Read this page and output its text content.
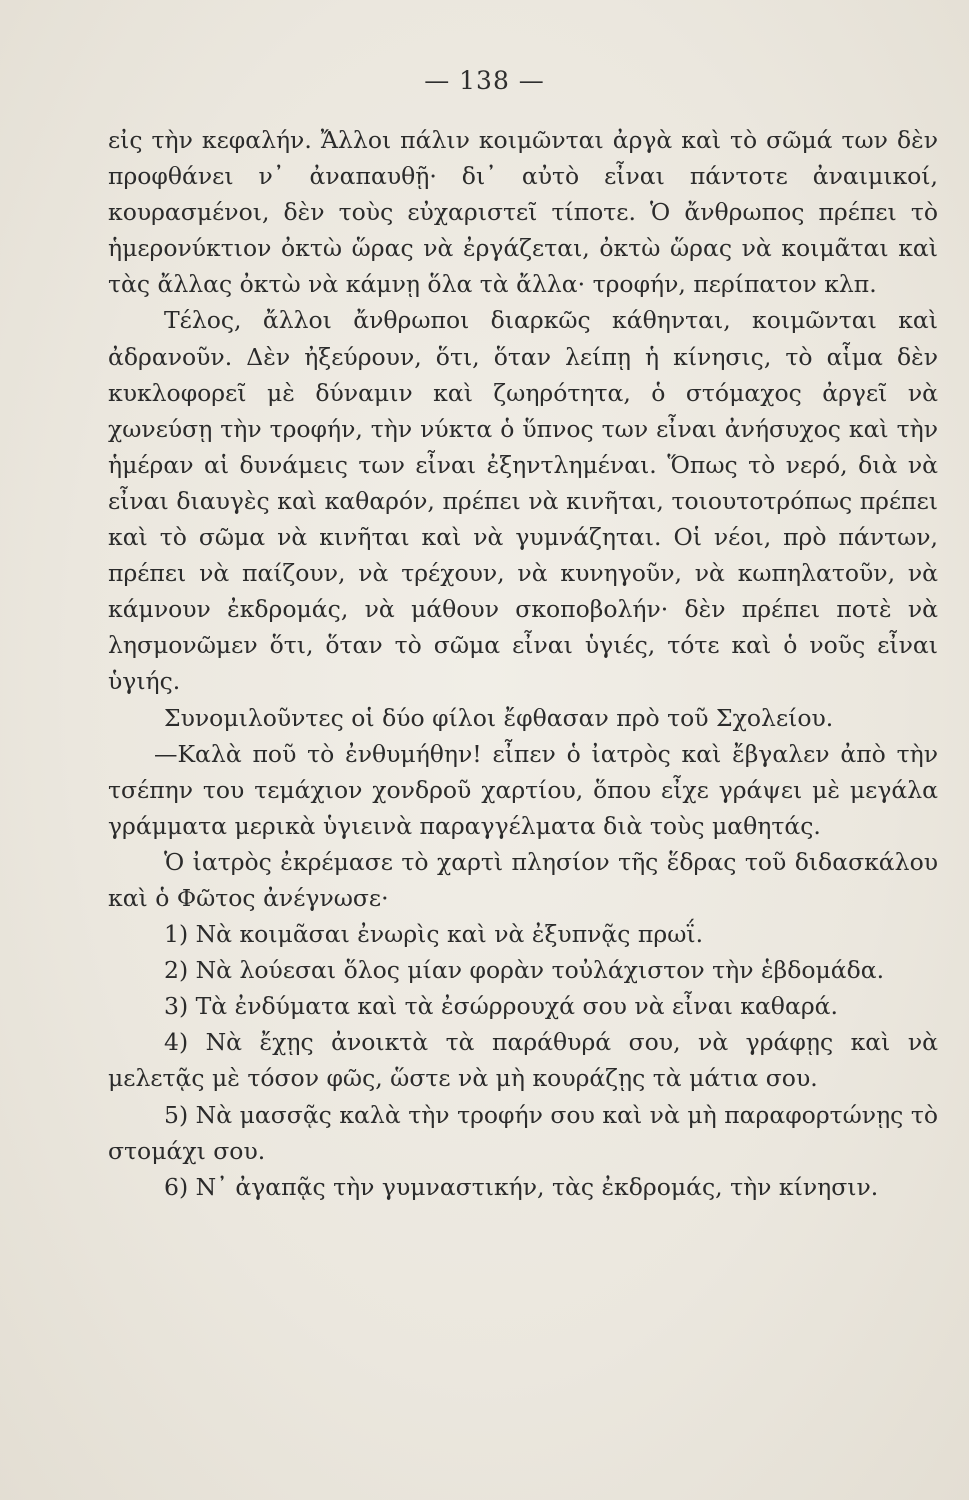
— 138 —

εἰς τὴν κεφαλήν. Ἄλλοι πάλιν κοιμῶνται ἀργὰ καὶ τὸ σῶμά των δὲν προφθάνει ν᾽ ἀναπαυθῇ· δι᾽ αὐτὸ εἶναι πάντοτε ἀναιμικοί, κουρασμένοι, δὲν τοὺς εὐχαριστεῖ τίποτε. Ὁ ἄνθρωπος πρέπει τὸ ἡμερονύκτιον ὀκτὼ ὥρας νὰ ἐργάζεται, ὀκτὼ ὥρας νὰ κοιμᾶται καὶ τὰς ἄλλας ὀκτὼ νὰ κάμνῃ ὅλα τὰ ἄλλα· τροφήν, περίπατον κλπ.

Τέλος, ἄλλοι ἄνθρωποι διαρκῶς κάθηνται, κοιμῶνται καὶ ἀδρανοῦν. Δὲν ἠξεύρουν, ὅτι, ὅταν λείπῃ ἡ κίνησις, τὸ αἷμα δὲν κυκλοφορεῖ μὲ δύναμιν καὶ ζωηρότητα, ὁ στόμαχος ἀργεῖ νὰ χωνεύσῃ τὴν τροφήν, τὴν νύκτα ὁ ὕπνος των εἶναι ἀνήσυχος καὶ τὴν ἡμέραν αἱ δυνάμεις των εἶναι ἐξηντλημέναι. Ὅπως τὸ νερό, διὰ νὰ εἶναι διαυγὲς καὶ καθαρόν, πρέπει νὰ κινῆται, τοιουτοτρόπως πρέπει καὶ τὸ σῶμα νὰ κινῆται καὶ νὰ γυμνάζηται. Οἱ νέοι, πρὸ πάντων, πρέπει νὰ παίζουν, νὰ τρέχουν, νὰ κυνηγοῦν, νὰ κωπηλατοῦν, νὰ κάμνουν ἐκδρομάς, νὰ μάθουν σκοποβολήν· δὲν πρέπει ποτὲ νὰ λησμονῶμεν ὅτι, ὅταν τὸ σῶμα εἶναι ὑγιές, τότε καὶ ὁ νοῦς εἶναι ὑγιής.

Συνομιλοῦντες οἱ δύο φίλοι ἔφθασαν πρὸ τοῦ Σχολείου.

—Καλὰ ποῦ τὸ ἐνθυμήθην! εἶπεν ὁ ἰατρὸς καὶ ἔβγαλεν ἀπὸ τὴν τσέπην του τεμάχιον χονδροῦ χαρτίου, ὅπου εἶχε γράψει μὲ μεγάλα γράμματα μερικὰ ὑγιεινὰ παραγγέλματα διὰ τοὺς μαθητάς.

Ὁ ἰατρὸς ἐκρέμασε τὸ χαρτὶ πλησίον τῆς ἕδρας τοῦ διδασκάλου καὶ ὁ Φῶτος ἀνέγνωσε·

1) Νὰ κοιμᾶσαι ἐνωρὶς καὶ νὰ ἐξυπνᾷς πρωΐ.

2) Νὰ λούεσαι ὅλος μίαν φορὰν τοὐλάχιστον τὴν ἑβδομάδα.

3) Τὰ ἐνδύματα καὶ τὰ ἐσώρρουχά σου νὰ εἶναι καθαρά.

4) Νὰ ἔχῃς ἀνοικτὰ τὰ παράθυρά σου, νὰ γράφῃς καὶ νὰ μελετᾷς μὲ τόσον φῶς, ὥστε νὰ μὴ κουράζῃς τὰ μάτια σου.

5) Νὰ μασσᾷς καλὰ τὴν τροφήν σου καὶ νὰ μὴ παραφορτώνῃς τὸ στομάχι σου.

6) Ν᾽ ἀγαπᾷς τὴν γυμναστικήν, τὰς ἐκδρομάς, τὴν κίνησιν.
